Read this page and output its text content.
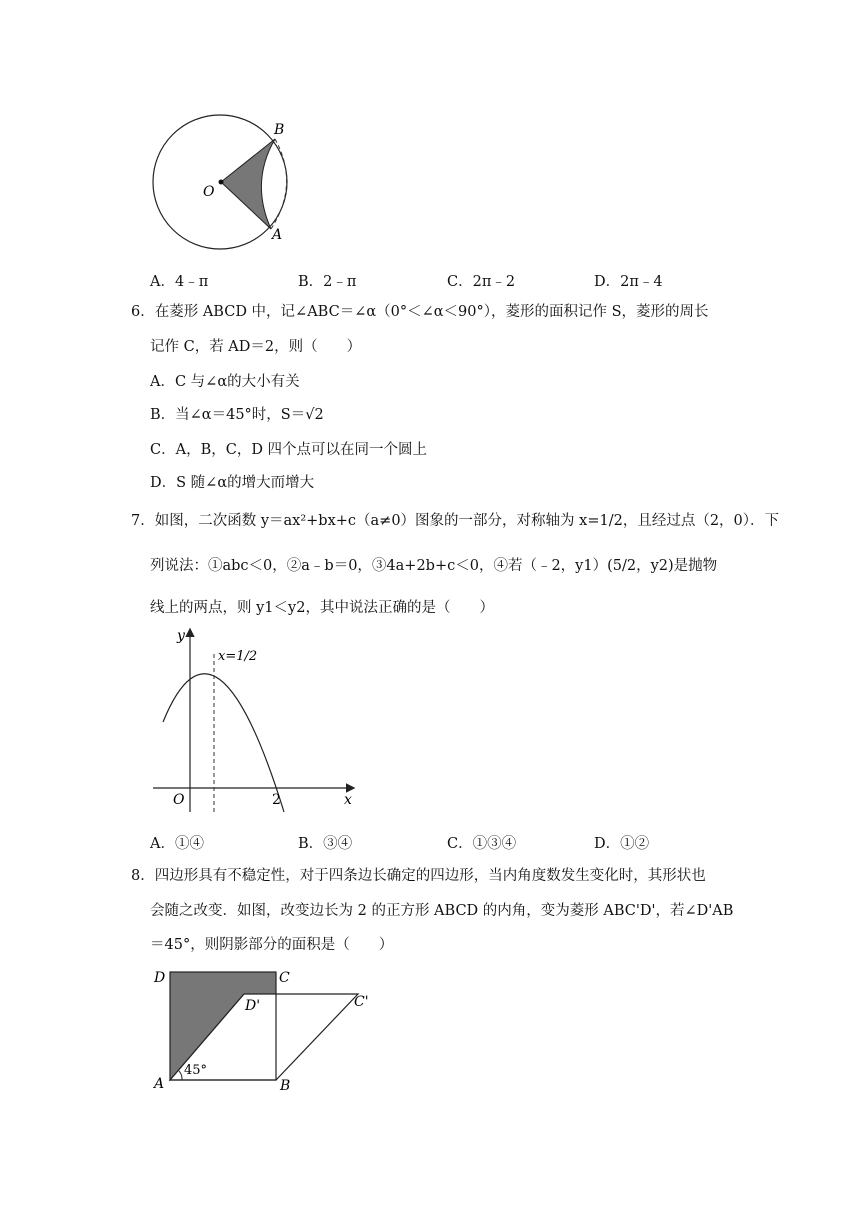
B
O
A
A．4﹣π	B．2﹣π	C．2π﹣2	D．2π﹣4
6．在菱形 ABCD 中，记∠ABC＝∠α（0°＜∠α＜90°），菱形的面积记作 S，菱形的周长
记作 C，若 AD＝2，则（　　）
A．C 与∠α的大小有关
B．当∠α＝45°时，S＝√2
C．A，B，C，D 四个点可以在同一个圆上
D．S 随∠α的增大而增大
7．如图，二次函数 y＝ax²+bx+c（a≠0）图象的一部分，对称轴为 x=1/2，且经过点（2，0）．下
列说法：①abc＜0，②a﹣b＝0，③4a+2b+c＜0，④若（﹣2，y1）(5/2，y2)是抛物
线上的两点，则 y1＜y2，其中说法正确的是（　　）
y
x
O	2
x=1/2
A．①④	B．③④	C．①③④	D．①②
8．四边形具有不稳定性，对于四条边长确定的四边形，当内角度数发生变化时，其形状也
会随之改变．如图，改变边长为 2 的正方形 ABCD 的内角，变为菱形 ABC'D'，若∠D'AB
＝45°，则阴影部分的面积是（　　）
D	C
D'	C'
A	B
45°
